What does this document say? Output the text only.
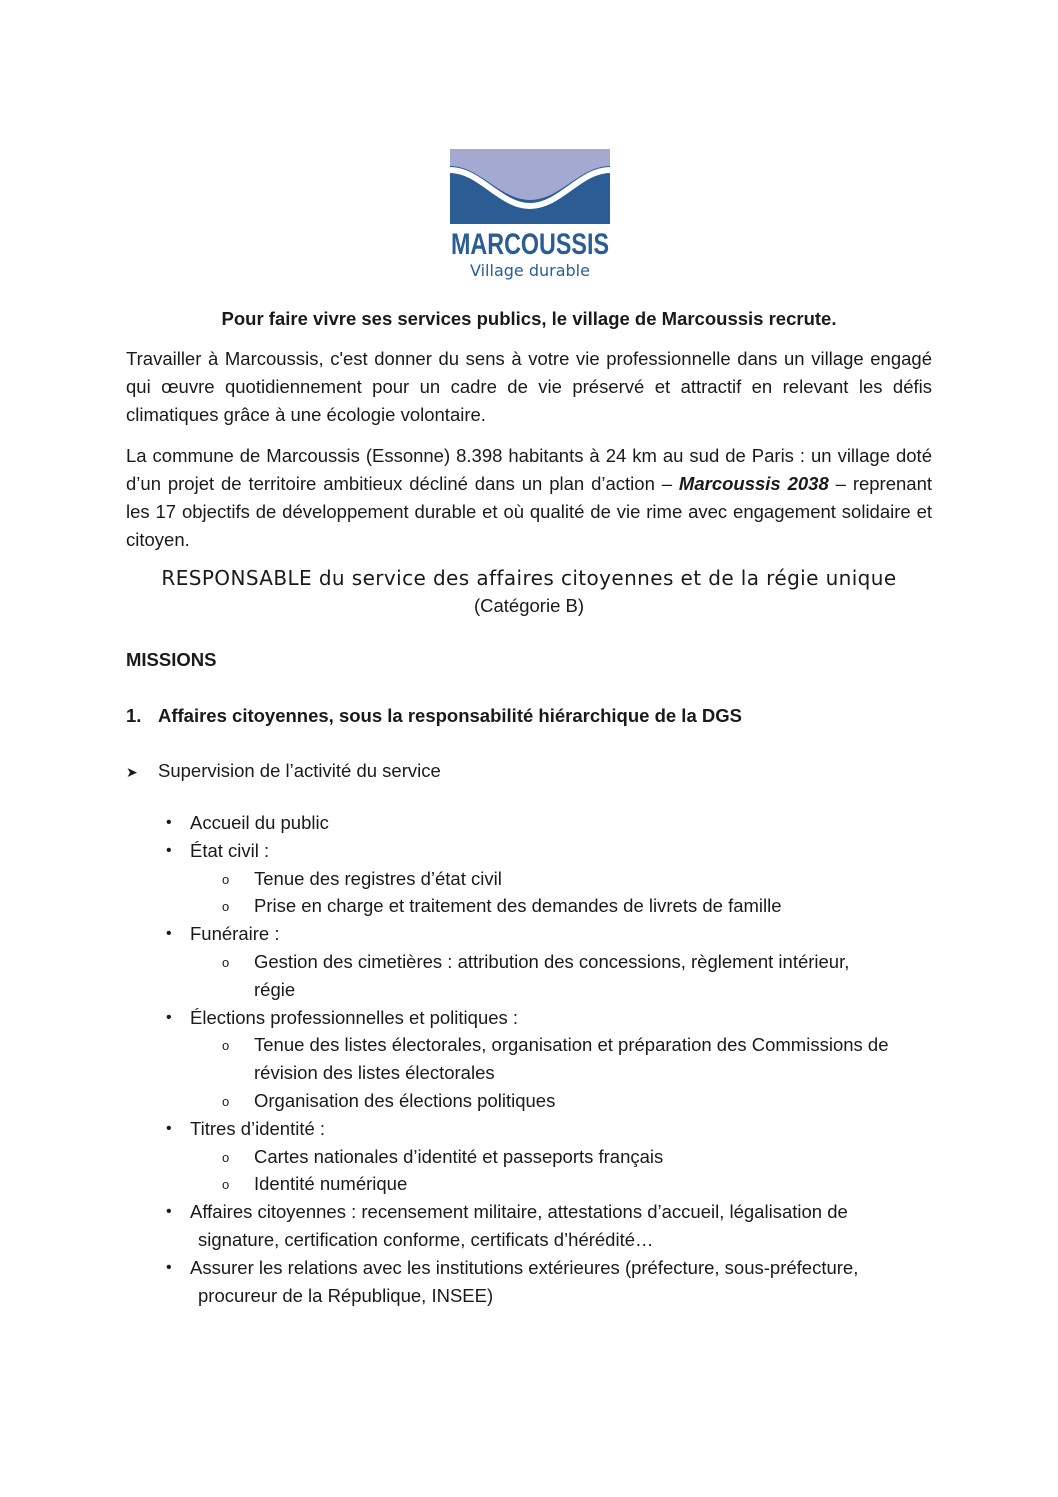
MARCOUSSIS
Village durable
Pour faire vivre ses services publics, le village de Marcoussis recrute.

Travailler à Marcoussis, c'est donner du sens à votre vie professionnelle dans un village engagé qui œuvre quotidiennement pour un cadre de vie préservé et attractif en relevant les défis climatiques grâce à une écologie volontaire.

La commune de Marcoussis (Essonne) 8.398 habitants à 24 km au sud de Paris : un village doté d’un projet de territoire ambitieux décliné dans un plan d’action – Marcoussis 2038 – reprenant les 17 objectifs de développement durable et où qualité de vie rime avec engagement solidaire et citoyen.

RESPONSABLE du service des affaires citoyennes et de la régie unique
(Catégorie B)
MISSIONS
1. Affaires citoyennes, sous la responsabilité hiérarchique de la DGS
➤ Supervision de l’activité du service
• Accueil du public
• État civil :
o Tenue des registres d’état civil
o Prise en charge et traitement des demandes de livrets de famille
• Funéraire :
o Gestion des cimetières : attribution des concessions, règlement intérieur,
régie
• Élections professionnelles et politiques :
o Tenue des listes électorales, organisation et préparation des Commissions de
révision des listes électorales
o Organisation des élections politiques
• Titres d’identité :
o Cartes nationales d’identité et passeports français
o Identité numérique
• Affaires citoyennes : recensement militaire, attestations d’accueil, légalisation de
signature, certification conforme, certificats d’hérédité…
• Assurer les relations avec les institutions extérieures (préfecture, sous-préfecture,
procureur de la République, INSEE)
